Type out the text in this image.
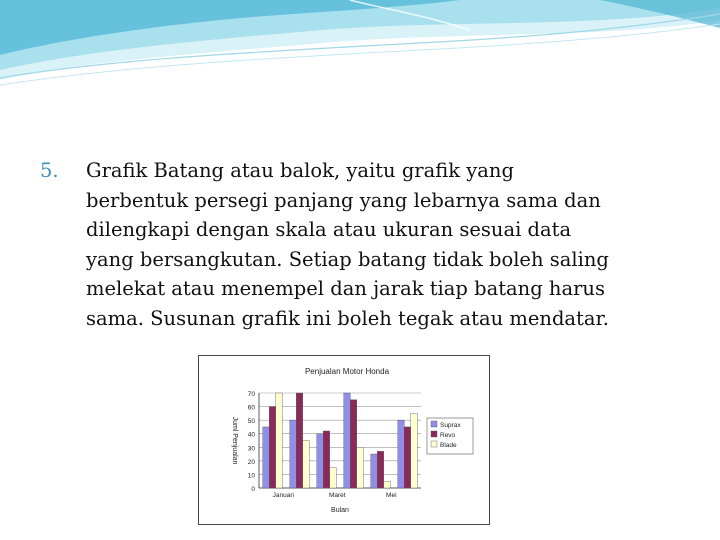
5.	Grafik Batang atau balok, yaitu grafik yang
berbentuk persegi panjang yang lebarnya sama dan
dilengkapi dengan skala atau ukuran sesuai data
yang bersangkutan. Setiap batang tidak boleh saling
melekat atau menempel dan jarak tiap batang harus
sama. Susunan grafik ini boleh tegak atau mendatar.
Penjualan Motor Honda
0
10
20
30
40
50
60
70
Juml Penjualan
Januari	Maret	Mei
Bulan
Suprax
Revo
Blade
